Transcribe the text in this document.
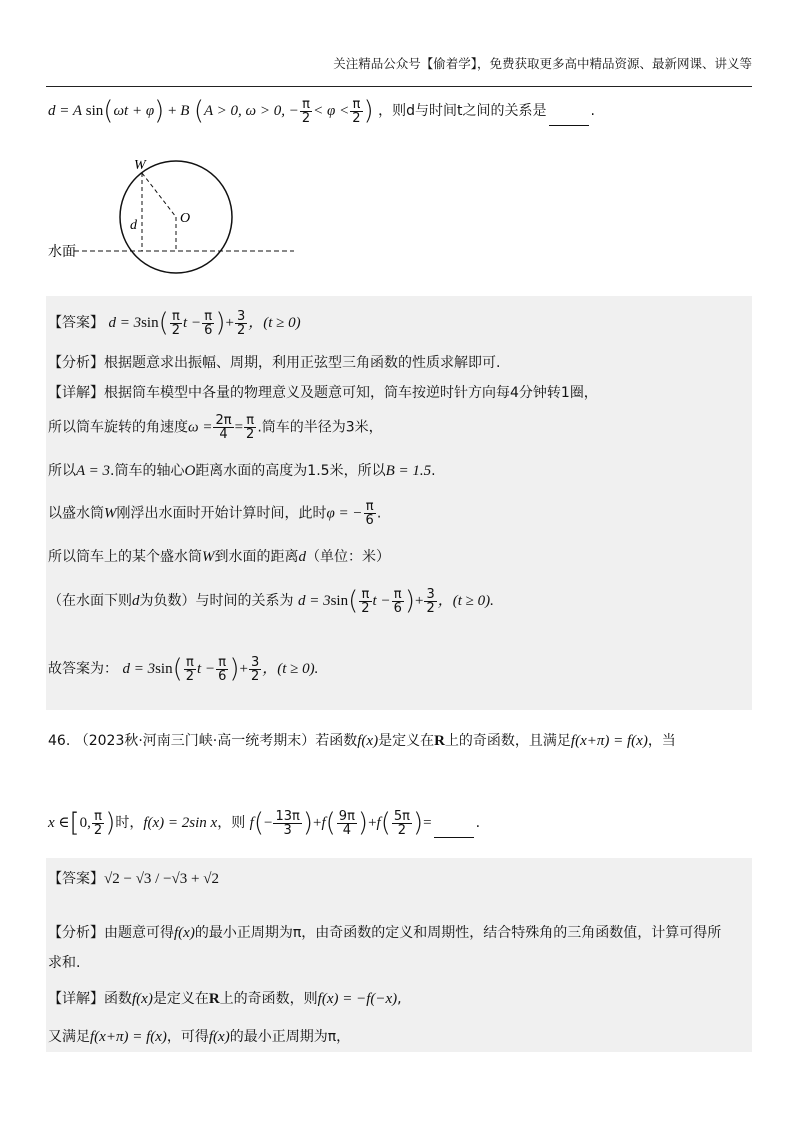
关注精品公众号【偷着学】，免费获取更多高中精品资源、最新网课、讲义等
d = A sin(ωt + φ) + B (A > 0, ω > 0, − $\frac{\pi}{2} < \varphi < \frac{\pi}{2}$ ) ，则d与时间t之间的关系是	.
W
d	O
水面
【答案】 $d = 3\sin( \frac{\pi}{2}$ $t - \frac{\pi}{6}$ )+ $\frac{3}{2}$ ，(t ≥ 0)
【分析】根据题意求出振幅、周期，利用正弦型三角函数的性质求解即可.
【详解】根据筒车模型中各量的物理意义及题意可知，筒车按逆时针方向每4分钟转1圈，
所以筒车旋转的角速度$\omega = \frac{2\pi}{4} = \frac{\pi}{2}$ .筒车的半径为3米，
所以A = 3.筒车的轴心O距离水面的高度为1.5米，所以B = 1.5.
以盛水筒W刚浮出水面时开始计算时间，此时φ = − $\frac{\pi}{6}$ .
所以筒车上的某个盛水筒W到水面的距离d（单位：米）
（在水面下则d为负数）与时间的关系为 $d = 3\sin( \frac{\pi}{2}$ $t - \frac{\pi}{6}$ )+ $\frac{3}{2}$ ，(t ≥ 0).
故答案为： $d = 3\sin( \frac{\pi}{2}$ $t - \frac{\pi}{6}$ )+ $\frac{3}{2}$ ，(t ≥ 0).
46. （2023秋·河南三门峡·高一统考期末）若函数f(x)是定义在R上的奇函数，且满足f(x+π) = f(x)，当
x ∈[0, $\frac{\pi}{2}$ )时，f(x) = 2sin x，则 $f(- \frac{13\pi}{3} )+f( \frac{9\pi}{4} )+f( \frac{5\pi}{2}$ )=	.
【答案】√2 − √3 / −√3 + √2
【分析】由题意可得f(x)的最小正周期为π，由奇函数的定义和周期性，结合特殊角的三角函数值，计算可得所
求和.
【详解】函数f(x)是定义在R上的奇函数，则f(x) = −f(−x),
又满足f(x+π) = f(x)，可得f(x)的最小正周期为π，
